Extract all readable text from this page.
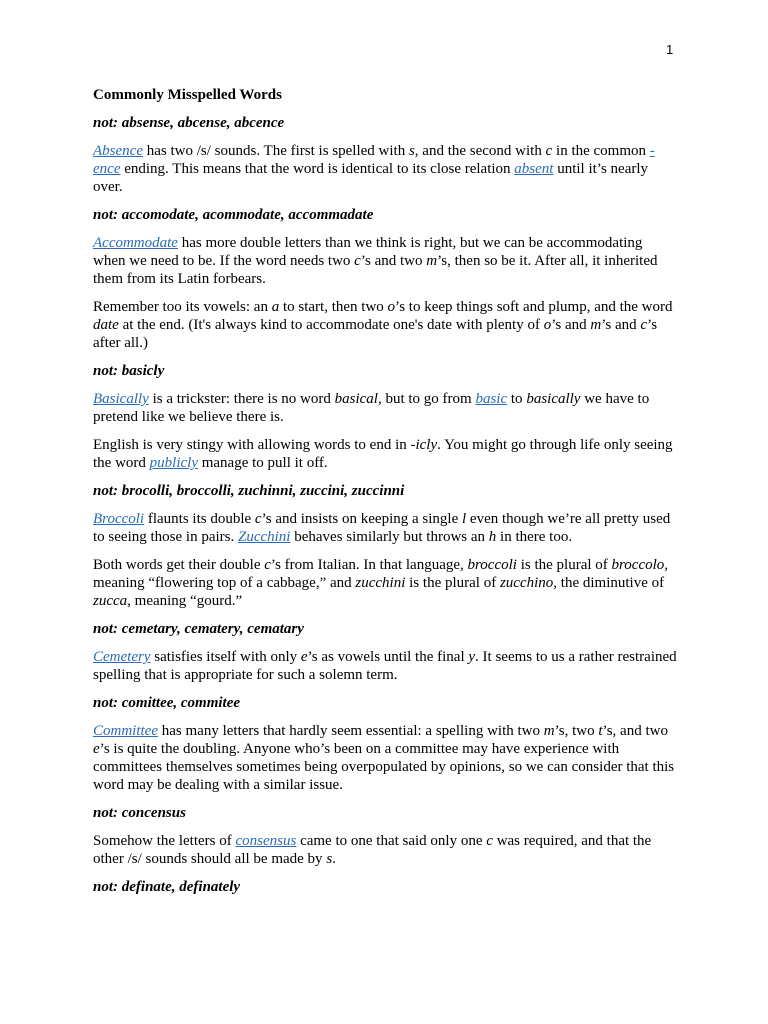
1
Commonly Misspelled Words
not: absense, abcense, abcence

Absence has two /s/ sounds. The first is spelled with s, and the second with c in the common -ence ending. This means that the word is identical to its close relation absent until it’s nearly over.

not: accomodate, acommodate, accommadate

Accommodate has more double letters than we think is right, but we can be accommodating when we need to be. If the word needs two c’s and two m’s, then so be it. After all, it inherited them from its Latin forbears.

Remember too its vowels: an a to start, then two o’s to keep things soft and plump, and the word date at the end. (It's always kind to accommodate one's date with plenty of o’s and m’s and c’s after all.)

not: basicly

Basically is a trickster: there is no word basical, but to go from basic to basically we have to pretend like we believe there is.

English is very stingy with allowing words to end in -icly. You might go through life only seeing the word publicly manage to pull it off.

not: brocolli, broccolli, zuchinni, zuccini, zuccinni

Broccoli flaunts its double c’s and insists on keeping a single l even though we’re all pretty used to seeing those in pairs. Zucchini behaves similarly but throws an h in there too.

Both words get their double c’s from Italian. In that language, broccoli is the plural of broccolo, meaning “flowering top of a cabbage,” and zucchini is the plural of zucchino, the diminutive of zucca, meaning “gourd.”

not: cemetary, cematery, cematary

Cemetery satisfies itself with only e’s as vowels until the final y. It seems to us a rather restrained spelling that is appropriate for such a solemn term.

not: comittee, commitee

Committee has many letters that hardly seem essential: a spelling with two m’s, two t’s, and two e’s is quite the doubling. Anyone who’s been on a committee may have experience with committees themselves sometimes being overpopulated by opinions, so we can consider that this word may be dealing with a similar issue.

not: concensus

Somehow the letters of consensus came to one that said only one c was required, and that the other /s/ sounds should all be made by s.

not: definate, definately
